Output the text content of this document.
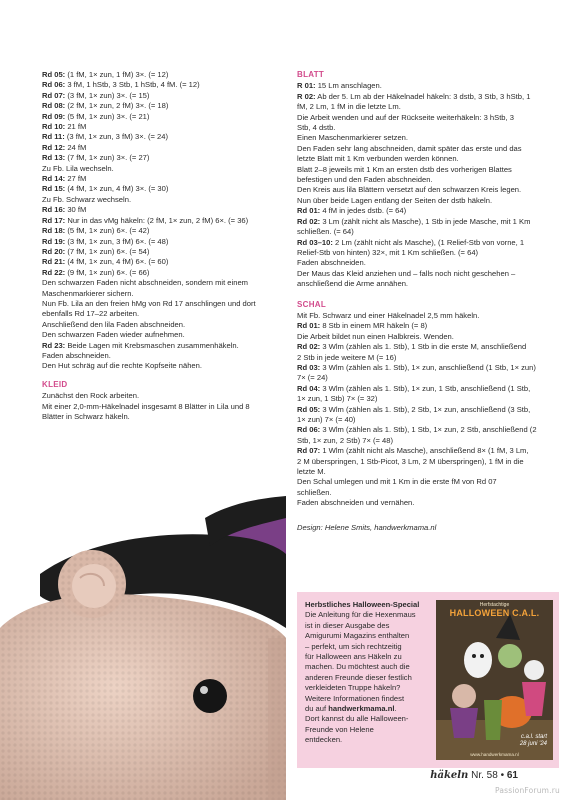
Rd 05: (1 fM, 1× zun, 1 fM) 3×. (= 12)
Rd 06: 3 fM, 1 hStb, 3 Stb, 1 hStb, 4 fM. (= 12)
Rd 07: (3 fM, 1× zun) 3×. (= 15)
Rd 08: (2 fM, 1× zun, 2 fM) 3×. (= 18)
Rd 09: (5 fM, 1× zun) 3×. (= 21)
Rd 10: 21 fM
Rd 11: (3 fM, 1× zun, 3 fM) 3×. (= 24)
Rd 12: 24 fM
Rd 13: (7 fM, 1× zun) 3×. (= 27)
Zu Fb. Lila wechseln.
Rd 14: 27 fM
Rd 15: (4 fM, 1× zun, 4 fM) 3×. (= 30)
Zu Fb. Schwarz wechseln.
Rd 16: 30 fM
Rd 17: Nur in das vMg häkeln: (2 fM, 1× zun, 2 fM) 6×. (= 36)
Rd 18: (5 fM, 1× zun) 6×. (= 42)
Rd 19: (3 fM, 1× zun, 3 fM) 6×. (= 48)
Rd 20: (7 fM, 1× zun) 6×. (= 54)
Rd 21: (4 fM, 1× zun, 4 fM) 6×. (= 60)
Rd 22: (9 fM, 1× zun) 6×. (= 66)
Den schwarzen Faden nicht abschneiden, sondern mit einem
Maschenmarkierer sichern.
Nun Fb. Lila an den freien hMg von Rd 17 anschlingen und dort
ebenfalls Rd 17–22 arbeiten.
Anschließend den lila Faden abschneiden.
Den schwarzen Faden wieder aufnehmen.
Rd 23: Beide Lagen mit Krebsmaschen zusammenhäkeln.
Faden abschneiden.
Den Hut schräg auf die rechte Kopfseite nähen.
KLEID
Zunächst den Rock arbeiten.
Mit einer 2,0-mm-Häkelnadel insgesamt 8 Blätter in Lila und 8
Blätter in Schwarz häkeln.
BLATT
R 01: 15 Lm anschlagen.
R 02: Ab der 5. Lm ab der Häkelnadel häkeln: 3 dstb, 3 Stb, 3 hStb, 1
fM, 2 Lm, 1 fM in die letzte Lm.
Die Arbeit wenden und auf der Rückseite weiterhäkeln: 3 hStb, 3
Stb, 4 dstb.
Einen Maschenmarkierer setzen.
Den Faden sehr lang abschneiden, damit später das erste und das
letzte Blatt mit 1 Km verbunden werden können.
Blatt 2–8 jeweils mit 1 Km an ersten dstb des vorherigen Blattes
befestigen und den Faden abschneiden.
Den Kreis aus lila Blättern versetzt auf den schwarzen Kreis legen.
Nun über beide Lagen entlang der Seiten der dstb häkeln.
Rd 01: 4 fM in jedes dstb. (= 64)
Rd 02: 3 Lm (zählt nicht als Masche), 1 Stb in jede Masche, mit 1 Km
schließen. (= 64)
Rd 03–10: 2 Lm (zählt nicht als Masche), (1 Relief-Stb von vorne, 1
Relief-Stb von hinten) 32×, mit 1 Km schließen. (= 64)
Faden abschneiden.
Der Maus das Kleid anziehen und – falls noch nicht geschehen –
anschließend die Arme annähen.
SCHAL
Mit Fb. Schwarz und einer Häkelnadel 2,5 mm häkeln.
Rd 01: 8 Stb in einem MR häkeln (= 8)
Die Arbeit bildet nun einen Halbkreis. Wenden.
Rd 02: 3 Wlm (zählen als 1. Stb), 1 Stb in die erste M, anschließend
2 Stb in jede weitere M (= 16)
Rd 03: 3 Wlm (zählen als 1. Stb), 1× zun, anschließend (1 Stb, 1× zun)
7× (= 24)
Rd 04: 3 Wlm (zählen als 1. Stb), 1× zun, 1 Stb, anschließend (1 Stb,
1× zun, 1 Stb) 7× (= 32)
Rd 05: 3 Wlm (zählen als 1. Stb), 2 Stb, 1× zun, anschließend (3 Stb,
1× zun) 7× (= 40)
Rd 06: 3 Wlm (zählen als 1. Stb), 1 Stb, 1× zun, 2 Stb, anschließend (2
Stb, 1× zun, 2 Stb) 7× (= 48)
Rd 07: 1 Wlm (zählt nicht als Masche), anschließend 8× (1 fM, 3 Lm,
2 M überspringen, 1 Stb-Picot, 3 Lm, 2 M überspringen), 1 fM in die
letzte M.
Den Schal umlegen und mit 1 Km in die erste fM von Rd 07
schließen.
Faden abschneiden und vernähen.
Design: Helene Smits, handwerkmama.nl
Herbstliches Halloween-Special
Die Anleitung für die Hexenmaus
ist in dieser Ausgabe des
Amigurumi Magazins enthalten
– perfekt, um sich rechtzeitig
für Halloween ans Häkeln zu
machen. Du möchtest auch die
anderen Freunde dieser festlich
verkleideten Truppe häkeln?
Weitere Informationen findest
du auf handwerkmama.nl.
Dort kannst du alle Halloween-
Freunde von Helene
entdecken.
Herfstachtige
HALLOWEEN C.A.L.
c.a.l. start
28 juni '24
www.handwerkmama.nl
häkeln Nr. 58 • 61
PassionForum.ru
